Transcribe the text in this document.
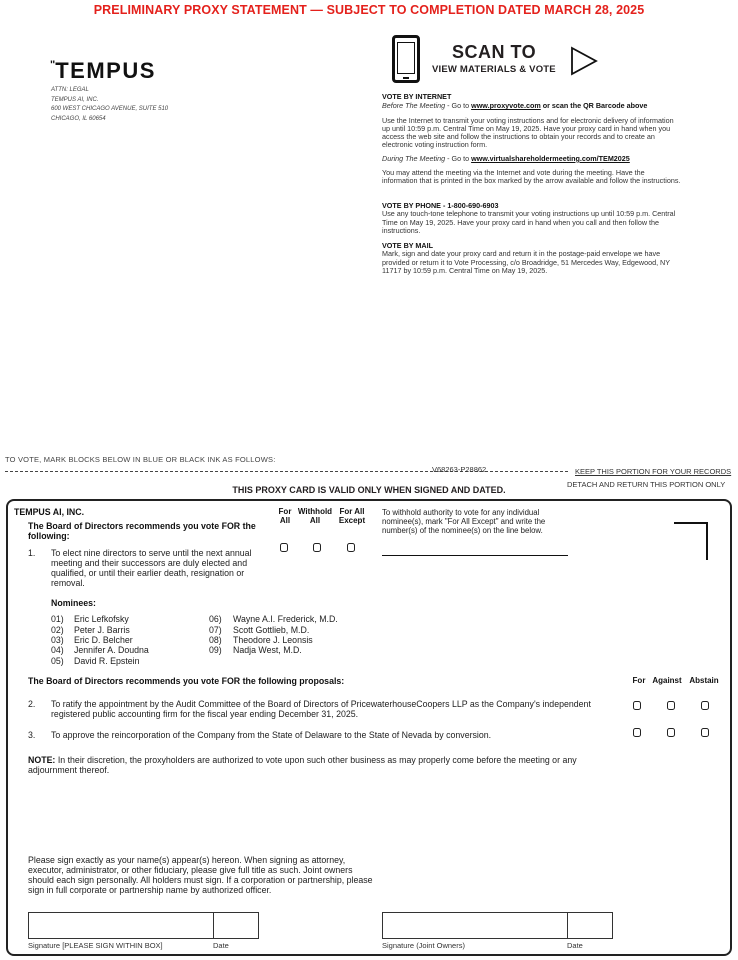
PRELIMINARY PROXY STATEMENT — SUBJECT TO COMPLETION DATED MARCH 28, 2025
"TEMPUS
ATTN: LEGAL
TEMPUS AI, INC.
600 WEST CHICAGO AVENUE, SUITE 510
CHICAGO, IL 60654
SCAN TO
VIEW MATERIALS & VOTE
VOTE BY INTERNET
Before The Meeting - Go to www.proxyvote.com or scan the QR Barcode above
Use the Internet to transmit your voting instructions and for electronic delivery of information up until 10:59 p.m. Central Time on May 19, 2025. Have your proxy card in hand when you access the web site and follow the instructions to obtain your records and to create an electronic voting instruction form.
During The Meeting - Go to www.virtualshareholdermeeting.com/TEM2025
You may attend the meeting via the Internet and vote during the meeting. Have the information that is printed in the box marked by the arrow available and follow the instructions.
VOTE BY PHONE - 1-800-690-6903
Use any touch-tone telephone to transmit your voting instructions up until 10:59 p.m. Central Time on May 19, 2025. Have your proxy card in hand when you call and then follow the instructions.
VOTE BY MAIL
Mark, sign and date your proxy card and return it in the postage-paid envelope we have provided or return it to Vote Processing, c/o Broadridge, 51 Mercedes Way, Edgewood, NY 11717 by 10:59 p.m. Central Time on May 19, 2025.
TO VOTE, MARK BLOCKS BELOW IN BLUE OR BLACK INK AS FOLLOWS:
V68263-P28862	KEEP THIS PORTION FOR YOUR RECORDS
DETACH AND RETURN THIS PORTION ONLY
THIS PROXY CARD IS VALID ONLY WHEN SIGNED AND DATED.
TEMPUS AI, INC.
The Board of Directors recommends you vote FOR the following:
For All
Withhold All
For All Except
To withhold authority to vote for any individual nominee(s), mark "For All Except" and write the number(s) of the nominee(s) on the line below.
1. To elect nine directors to serve until the next annual meeting and their successors are duly elected and qualified, or until their earlier death, resignation or removal.
Nominees:
01) Eric Lefkofsky
02) Peter J. Barris
03) Eric D. Belcher
04) Jennifer A. Doudna
05) David R. Epstein
06) Wayne A.I. Frederick, M.D.
07) Scott Gottlieb, M.D.
08) Theodore J. Leonsis
09) Nadja West, M.D.
The Board of Directors recommends you vote FOR the following proposals:	For Against Abstain
2. To ratify the appointment by the Audit Committee of the Board of Directors of PricewaterhouseCoopers LLP as the Company's independent registered public accounting firm for the fiscal year ending December 31, 2025.
3. To approve the reincorporation of the Company from the State of Delaware to the State of Nevada by conversion.
NOTE: In their discretion, the proxyholders are authorized to vote upon such other business as may properly come before the meeting or any adjournment thereof.
Please sign exactly as your name(s) appear(s) hereon. When signing as attorney, executor, administrator, or other fiduciary, please give full title as such. Joint owners should each sign personally. All holders must sign. If a corporation or partnership, please sign in full corporate or partnership name by authorized officer.
Signature [PLEASE SIGN WITHIN BOX]	Date	Signature (Joint Owners)	Date
